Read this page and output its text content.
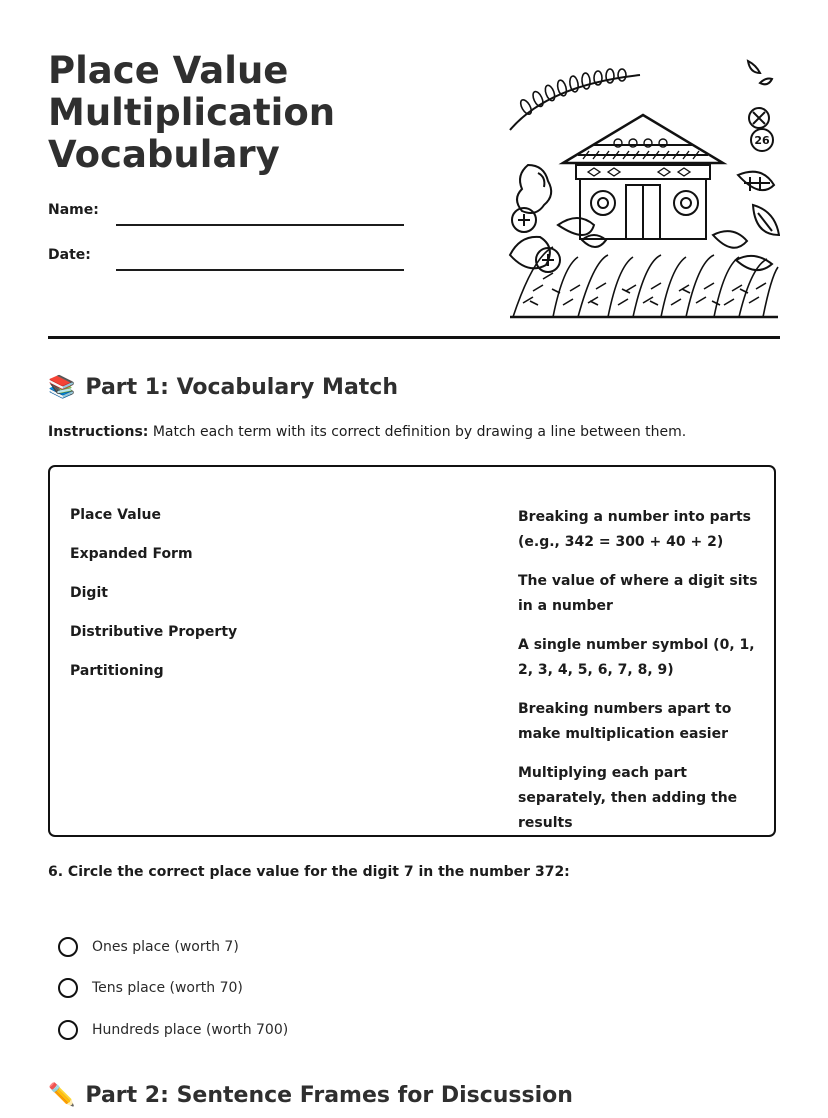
Place Value
Multiplication
Vocabulary
Name:
Date:
26
📚 Part 1: Vocabulary Match

Instructions: Match each term with its correct definition by drawing a line between them.

Place Value
Expanded Form
Digit
Distributive Property
Partitioning
Breaking a number into parts (e.g., 342 = 300 + 40 + 2)
The value of where a digit sits in a number
A single number symbol (0, 1, 2, 3, 4, 5, 6, 7, 8, 9)
Breaking numbers apart to make multiplication easier
Multiplying each part separately, then adding the results

6. Circle the correct place value for the digit 7 in the number 372:

Ones place (worth 7)
Tens place (worth 70)
Hundreds place (worth 700)
✏️ Part 2: Sentence Frames for Discussion
